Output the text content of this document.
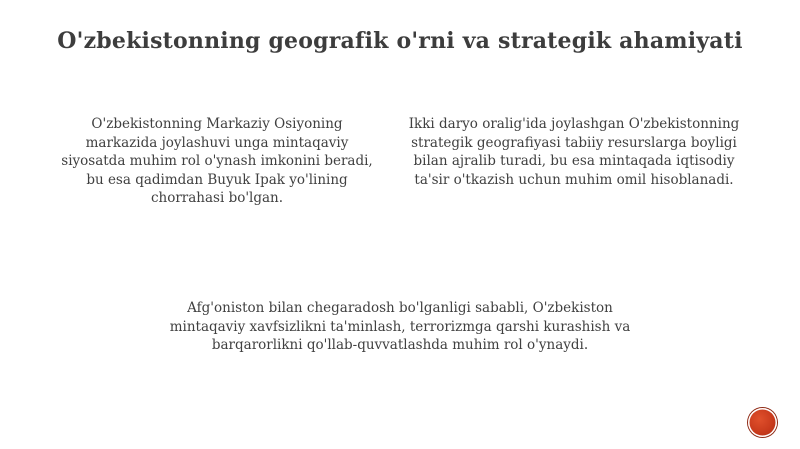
O'zbekistonning geografik o'rni va strategik ahamiyati

O'zbekistonning Markaziy Osiyoning markazida joylashuvi unga mintaqaviy siyosatda muhim rol o'ynash imkonini beradi, bu esa qadimdan Buyuk Ipak yo'lining chorrahasi bo'lgan.

Ikki daryo oralig'ida joylashgan O'zbekistonning strategik geografiyasi tabiiy resurslarga boyligi bilan ajralib turadi, bu esa mintaqada iqtisodiy ta'sir o'tkazish uchun muhim omil hisoblanadi.

Afg'oniston bilan chegaradosh bo'lganligi sababli, O'zbekiston mintaqaviy xavfsizlikni ta'minlash, terrorizmga qarshi kurashish va barqarorlikni qo'llab-quvvatlashda muhim rol o'ynaydi.
